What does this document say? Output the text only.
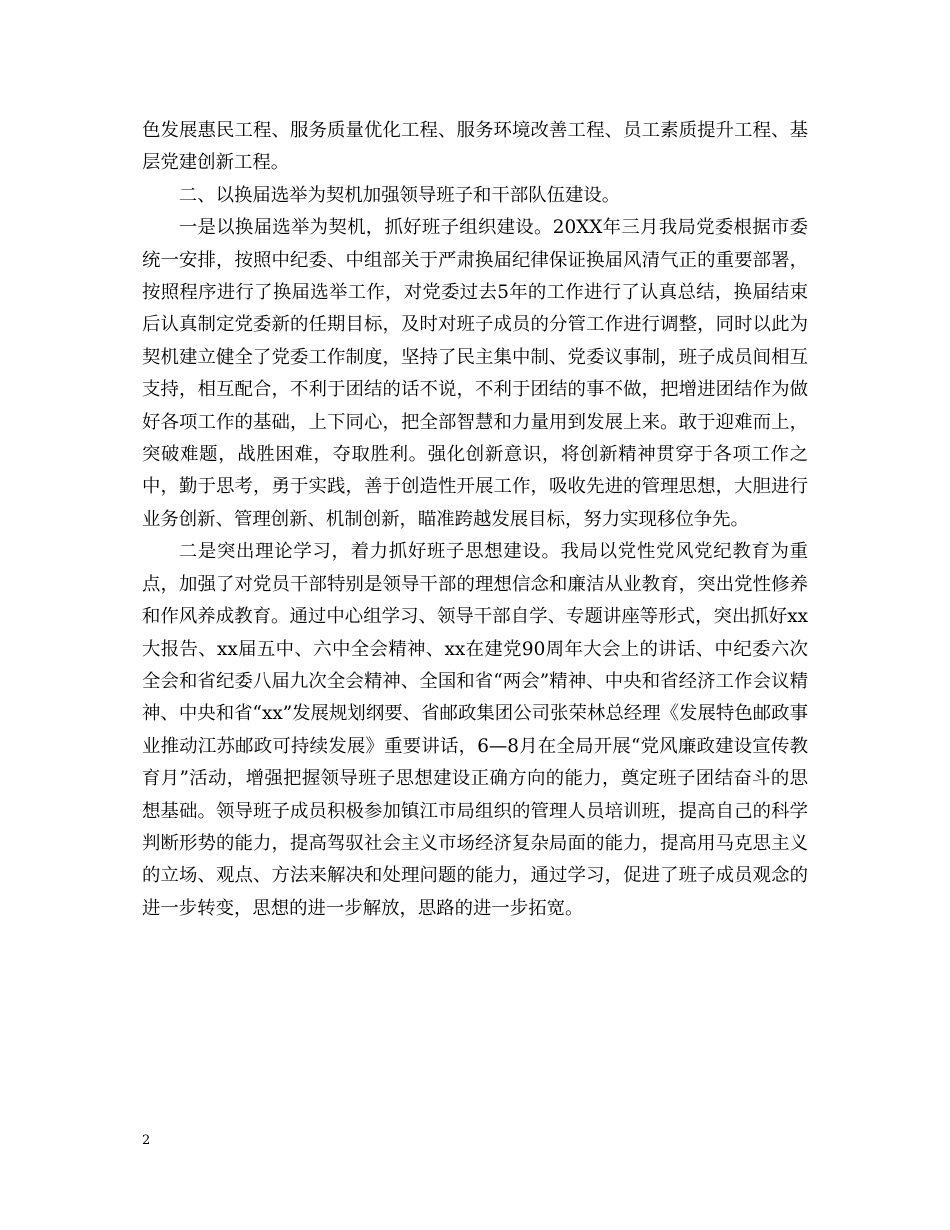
色发展惠民工程、服务质量优化工程、服务环境改善工程、员工素质提升工程、基层党建创新工程。

二、以换届选举为契机加强领导班子和干部队伍建设。

一是以换届选举为契机，抓好班子组织建设。20XX年三月我局党委根据市委统一安排，按照中纪委、中组部关于严肃换届纪律保证换届风清气正的重要部署，按照程序进行了换届选举工作，对党委过去5年的工作进行了认真总结，换届结束后认真制定党委新的任期目标，及时对班子成员的分管工作进行调整，同时以此为契机建立健全了党委工作制度，坚持了民主集中制、党委议事制，班子成员间相互支持，相互配合，不利于团结的话不说，不利于团结的事不做，把增进团结作为做好各项工作的基础，上下同心，把全部智慧和力量用到发展上来。敢于迎难而上，突破难题，战胜困难，夺取胜利。强化创新意识，将创新精神贯穿于各项工作之中，勤于思考，勇于实践，善于创造性开展工作，吸收先进的管理思想，大胆进行业务创新、管理创新、机制创新，瞄准跨越发展目标，努力实现移位争先。

二是突出理论学习，着力抓好班子思想建设。我局以党性党风党纪教育为重点，加强了对党员干部特别是领导干部的理想信念和廉洁从业教育，突出党性修养和作风养成教育。通过中心组学习、领导干部自学、专题讲座等形式，突出抓好xx大报告、xx届五中、六中全会精神、xx在建党90周年大会上的讲话、中纪委六次全会和省纪委八届九次全会精神、全国和省“两会”精神、中央和省经济工作会议精神、中央和省“xx”发展规划纲要、省邮政集团公司张荣林总经理《发展特色邮政事业推动江苏邮政可持续发展》重要讲话，6—8月在全局开展“党风廉政建设宣传教育月”活动，增强把握领导班子思想建设正确方向的能力，奠定班子团结奋斗的思想基础。领导班子成员积极参加镇江市局组织的管理人员培训班，提高自己的科学判断形势的能力，提高驾驭社会主义市场经济复杂局面的能力，提高用马克思主义的立场、观点、方法来解决和处理问题的能力，通过学习，促进了班子成员观念的进一步转变，思想的进一步解放，思路的进一步拓宽。

2
